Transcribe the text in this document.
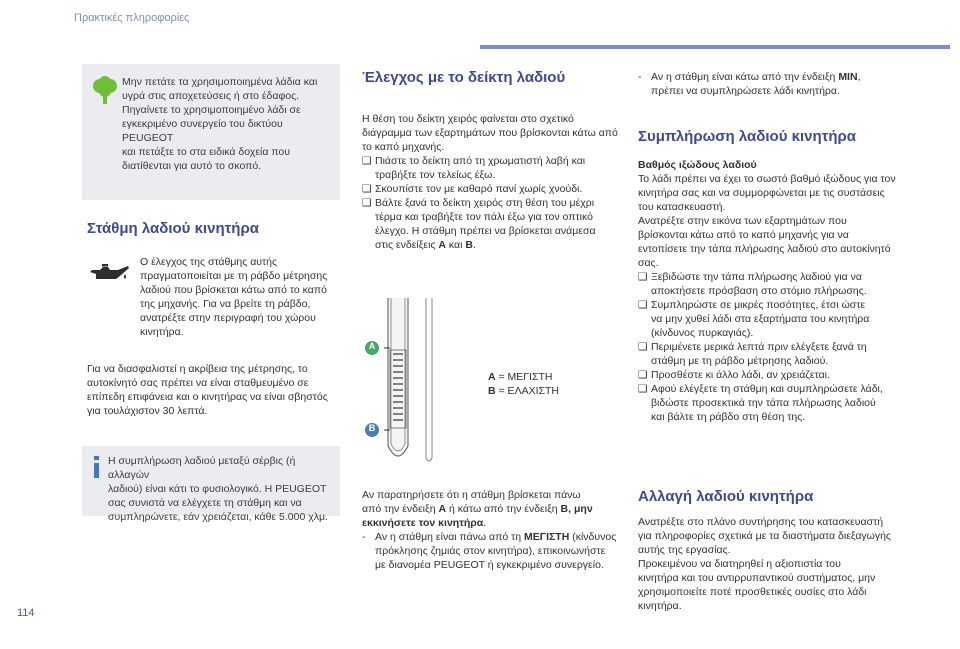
Πρακτικές πληροφορίες

Μην πετάτε τα χρησιμοποιημένα λάδια και

υγρά στις αποχετεύσεις ή στο έδαφος.

Πηγαίνετε το χρησιμοποιημένο λάδι σε

εγκεκριμένο συνεργείο του δικτύου PEUGEOT

και πετάξτε το στα ειδικά δοχεία που

διατίθενται για αυτό το σκοπό.

Στάθμη λαδιού κινητήρα

Ο έλεγχος της στάθμης αυτής

πραγματοποιείται με τη ράβδο μέτρησης

λαδιού που βρίσκεται κάτω από το καπό

της μηχανής. Για να βρείτε τη ράβδο,

ανατρέξτε στην περιγραφή του χώρου

κινητήρα.

Για να διασφαλιστεί η ακρίβεια της μέτρησης, το

αυτοκίνητό σας πρέπει να είναι σταθμευμένο σε

επίπεδη επιφάνεια και ο κινητήρας να είναι σβηστός

για τουλάχιστον 30 λεπτά.

Η συμπλήρωση λαδιού μεταξύ σέρβις (ή αλλαγών

λαδιού) είναι κάτι το φυσιολογικό. Η PEUGEOT

σας συνιστά να ελέγχετε τη στάθμη και να

συμπληρώνετε, εάν χρειάζεται, κάθε 5.000 χλμ.

114
Έλεγχος με το δείκτη λαδιού

Η θέση του δείκτη χειρός φαίνεται στο σχετικό

διάγραμμα των εξαρτημάτων που βρίσκονται κάτω από

το καπό μηχανής.

❑ Πιάστε το δείκτη από τη χρωματιστή λαβή και
τραβήξτε τον τελείως έξω.
❑ Σκουπίστε τον με καθαρό πανί χωρίς χνούδι.
❑ Βάλτε ξανά το δείκτη χειρός στη θέση του μέχρι
τέρμα και τραβήξτε τον πάλι έξω για τον οπτικό
έλεγχο. Η στάθμη πρέπει να βρίσκεται ανάμεσα
στις ενδείξεις A και B.
A
B

A = ΜΕΓΙΣΤΗ

B = ΕΛΑΧΙΣΤΗ

Αν παρατηρήσετε ότι η στάθμη βρίσκεται πάνω

από την ένδειξη A ή κάτω από την ένδειξη B, μην

εκκινήσετε τον κινητήρα.

- Αν η στάθμη είναι πάνω από τη ΜΕΓΙΣΤΗ (κίνδυνος
πρόκλησης ζημιάς στον κινητήρα), επικοινωνήστε
με διανομέα PEUGEOT ή εγκεκριμένο συνεργείο.
- Αν η στάθμη είναι κάτω από την ένδειξη MIN,
πρέπει να συμπληρώσετε λάδι κινητήρα.
Συμπλήρωση λαδιού κινητήρα

Βαθμός ιξώδους λαδιού

Το λάδι πρέπει να έχει το σωστό βαθμό ιξώδους για τον

κινητήρα σας και να συμμορφώνεται με τις συστάσεις

του κατασκευαστή.

Ανατρέξτε στην εικόνα των εξαρτημάτων που

βρίσκονται κάτω από το καπό μηχανής για να

εντοπίσετε την τάπα πλήρωσης λαδιού στο αυτοκίνητό

σας.

❑ Ξεβιδώστε την τάπα πλήρωσης λαδιού για να
αποκτήσετε πρόσβαση στο στόμιο πλήρωσης.
❑ Συμπληρώστε σε μικρές ποσότητες, έτσι ώστε
να μην χυθεί λάδι στα εξαρτήματα του κινητήρα
(κίνδυνος πυρκαγιάς).
❑ Περιμένετε μερικά λεπτά πριν ελέγξετε ξανά τη
στάθμη με τη ράβδο μέτρησης λαδιού.
❑ Προσθέστε κι άλλο λάδι, αν χρειάζεται.
❑ Αφού ελέγξετε τη στάθμη και συμπληρώσετε λάδι,
βιδώστε προσεκτικά την τάπα πλήρωσης λαδιού
και βάλτε τη ράβδο στη θέση της.
Αλλαγή λαδιού κινητήρα

Ανατρέξτε στο πλάνο συντήρησης του κατασκευαστή

για πληροφορίες σχετικά με τα διαστήματα διεξαγωγής

αυτής της εργασίας.

Προκειμένου να διατηρηθεί η αξιοπιστία του

κινητήρα και του αντιρρυπαντικού συστήματος, μην

χρησιμοποιείτε ποτέ προσθετικές ουσίες στο λάδι

κινητήρα.
